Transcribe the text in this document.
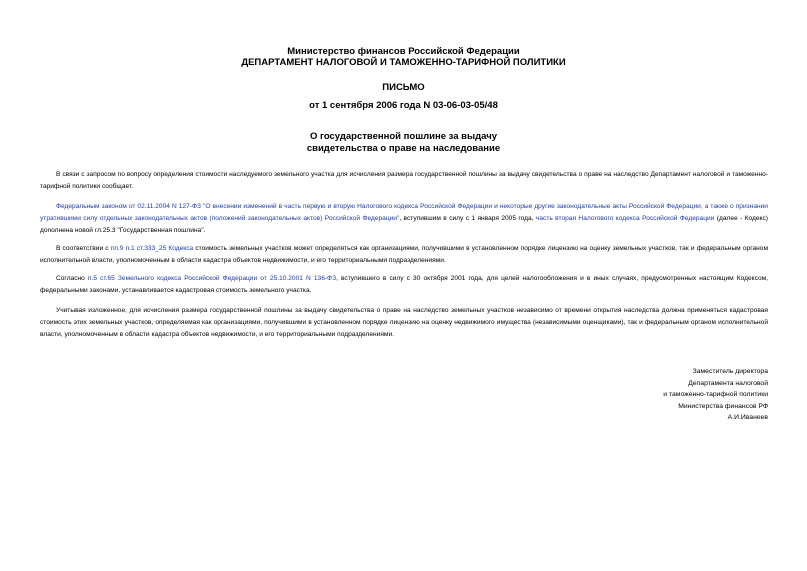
Министерство финансов Российской Федерации
ДЕПАРТАМЕНТ НАЛОГОВОЙ И ТАМОЖЕННО-ТАРИФНОЙ ПОЛИТИКИ
ПИСЬМО
от 1 сентября 2006 года N 03-06-03-05/48
О государственной пошлине за выдачу
свидетельства о праве на наследование

В связи с запросом по вопросу определения стоимости наследуемого земельного участка для исчисления размера государственной пошлины за выдачу свидетельства о праве на наследство Департамент налоговой и таможенно-тарифной политики сообщает.

Федеральным законом от 02.11.2004 N 127-ФЗ "О внесении изменений в часть первую и вторую Налогового кодекса Российской Федерации и некоторые другие законодательные акты Российской Федерации, а также о признании утратившими силу отдельных законодательных актов (положений законодательных актов) Российской Федерации", вступившим в силу с 1 января 2005 года, часть вторая Налогового кодекса Российской Федерации (далее - Кодекс) дополнена новой гл.25.3 "Государственная пошлина".

В соответствии с пп.9 п.1 ст.333_25 Кодекса стоимость земельных участков может определяться как организациями, получившими в установленном порядке лицензию на оценку земельных участков, так и федеральным органом исполнительной власти, уполномоченным в области кадастра объектов недвижимости, и его территориальными подразделениями.

Согласно п.5 ст.65 Земельного кодекса Российской Федерации от 25.10.2001 N 136-ФЗ, вступившего в силу с 30 октября 2001 года, для целей налогообложения и в иных случаях, предусмотренных настоящим Кодексом, федеральными законами, устанавливается кадастровая стоимость земельного участка.

Учитывая изложенное, для исчисления размера государственной пошлины за выдачу свидетельства о праве на наследство земельных участков независимо от времени открытия наследства должна применяться кадастровая стоимость этих земельных участков, определяемая как организациями, получившими в установленном порядке лицензию на оценку недвижимого имущества (независимыми оценщиками), так и федеральным органом исполнительной власти, уполномоченным в области кадастра объектов недвижимости, и его территориальными подразделениями.

Заместитель директора
Департамента налоговой
и таможенно-тарифной политики
Министерства финансов РФ
А.И.Иванеев
